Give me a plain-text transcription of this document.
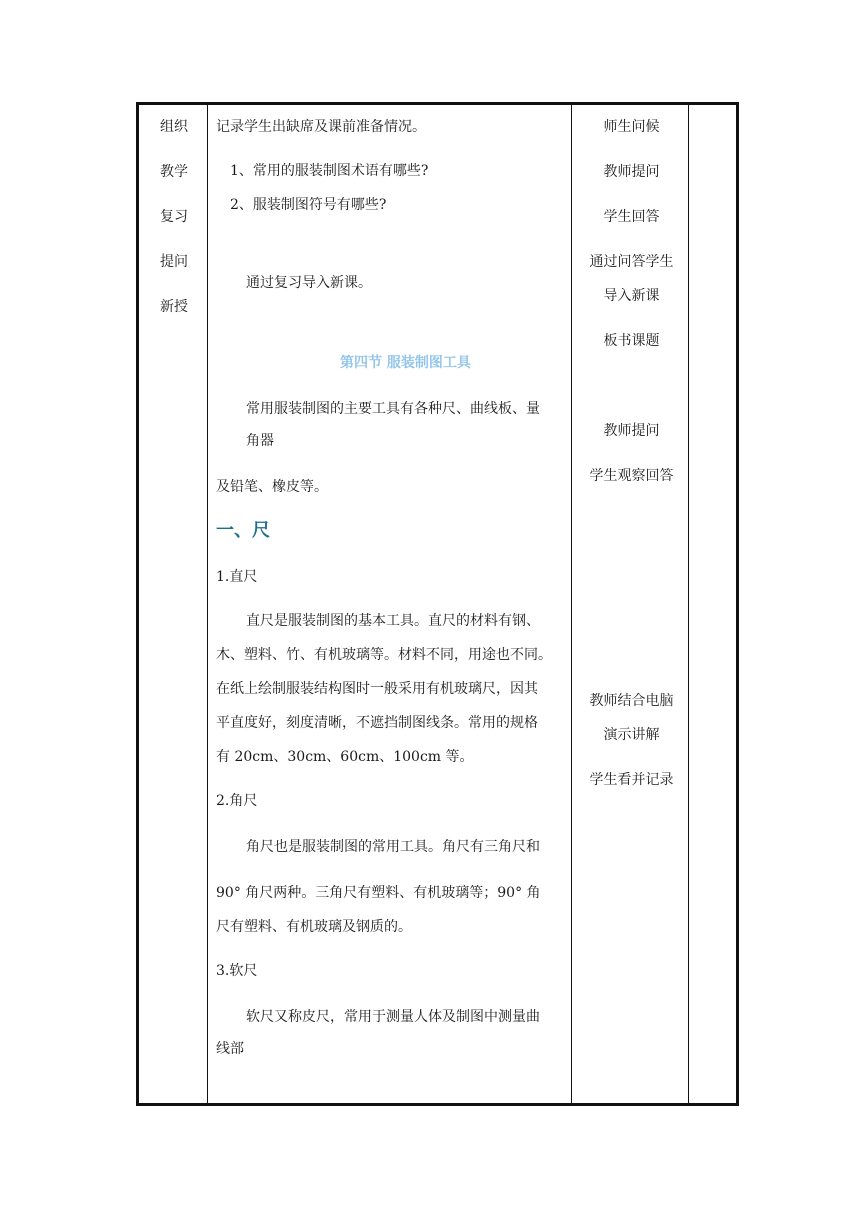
组织
教学
复习
提问
新授
记录学生出缺席及课前准备情况。
1、常用的服装制图术语有哪些?
2、服装制图符号有哪些?
通过复习导入新课。
第四节 服装制图工具
常用服装制图的主要工具有各种尺、曲线板、量
角器
及铅笔、橡皮等。
一、尺
1.直尺
直尺是服装制图的基本工具。直尺的材料有钢、
木、塑料、竹、有机玻璃等。材料不同，用途也不同。
在纸上绘制服装结构图时一般采用有机玻璃尺，因其
平直度好，刻度清晰，不遮挡制图线条。常用的规格
有 20cm、30cm、60cm、100cm 等。
2.角尺
角尺也是服装制图的常用工具。角尺有三角尺和
90° 角尺两种。三角尺有塑料、有机玻璃等；90° 角
尺有塑料、有机玻璃及钢质的。
3.软尺
软尺又称皮尺，常用于测量人体及制图中测量曲
线部
师生问候
教师提问
学生回答
通过问答学生
导入新课
板书课题
教师提问
学生观察回答
教师结合电脑
演示讲解
学生看并记录
